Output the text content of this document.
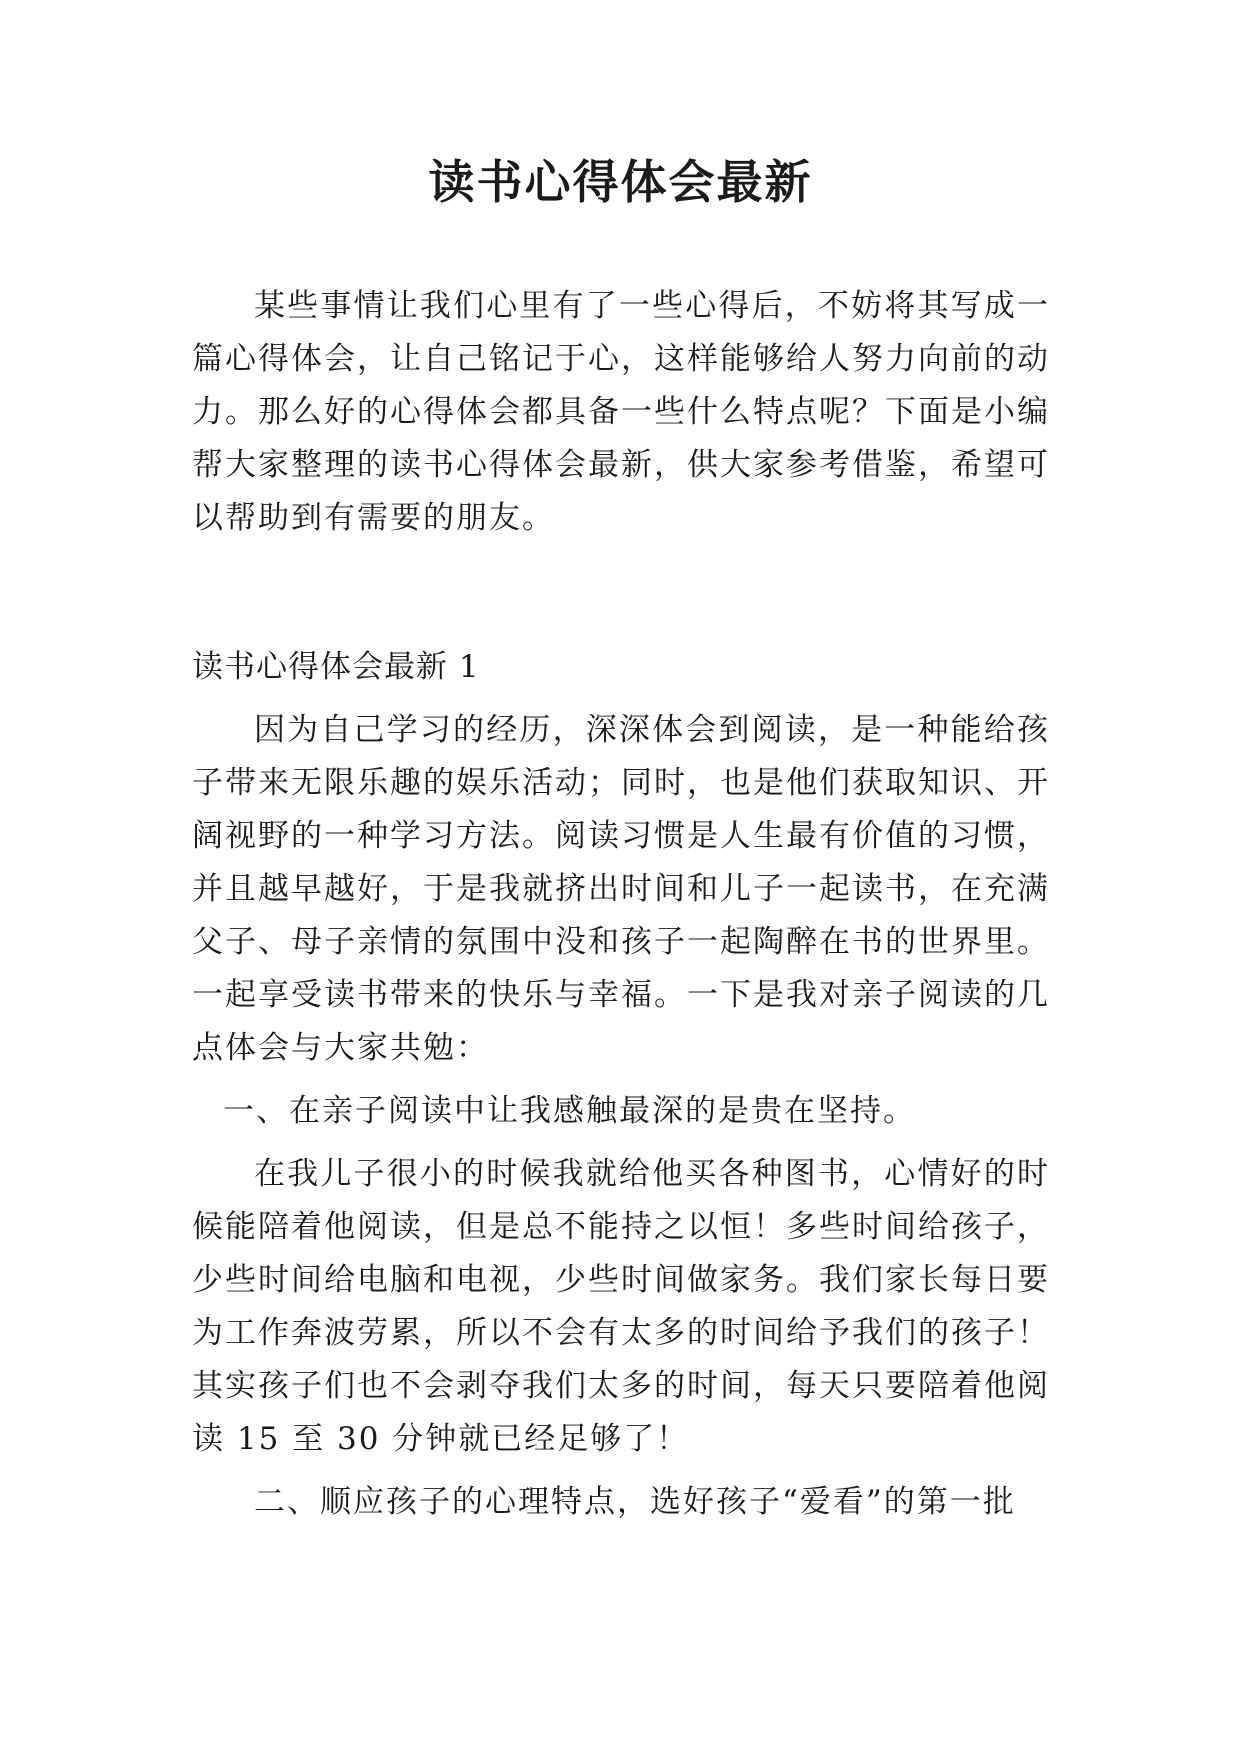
读书心得体会最新

某些事情让我们心里有了一些心得后，不妨将其写成一篇心得体会，让自己铭记于心，这样能够给人努力向前的动力。那么好的心得体会都具备一些什么特点呢？下面是小编帮大家整理的读书心得体会最新，供大家参考借鉴，希望可以帮助到有需要的朋友。

读书心得体会最新 1

因为自己学习的经历，深深体会到阅读，是一种能给孩子带来无限乐趣的娱乐活动；同时，也是他们获取知识、开阔视野的一种学习方法。阅读习惯是人生最有价值的习惯，并且越早越好，于是我就挤出时间和儿子一起读书，在充满父子、母子亲情的氛围中没和孩子一起陶醉在书的世界里。一起享受读书带来的快乐与幸福。一下是我对亲子阅读的几点体会与大家共勉：

一、在亲子阅读中让我感触最深的是贵在坚持。

在我儿子很小的时候我就给他买各种图书，心情好的时候能陪着他阅读，但是总不能持之以恒！多些时间给孩子，少些时间给电脑和电视，少些时间做家务。我们家长每日要为工作奔波劳累，所以不会有太多的时间给予我们的孩子！其实孩子们也不会剥夺我们太多的时间，每天只要陪着他阅读 15 至 30 分钟就已经足够了！

二、顺应孩子的心理特点，选好孩子“爱看”的第一批
